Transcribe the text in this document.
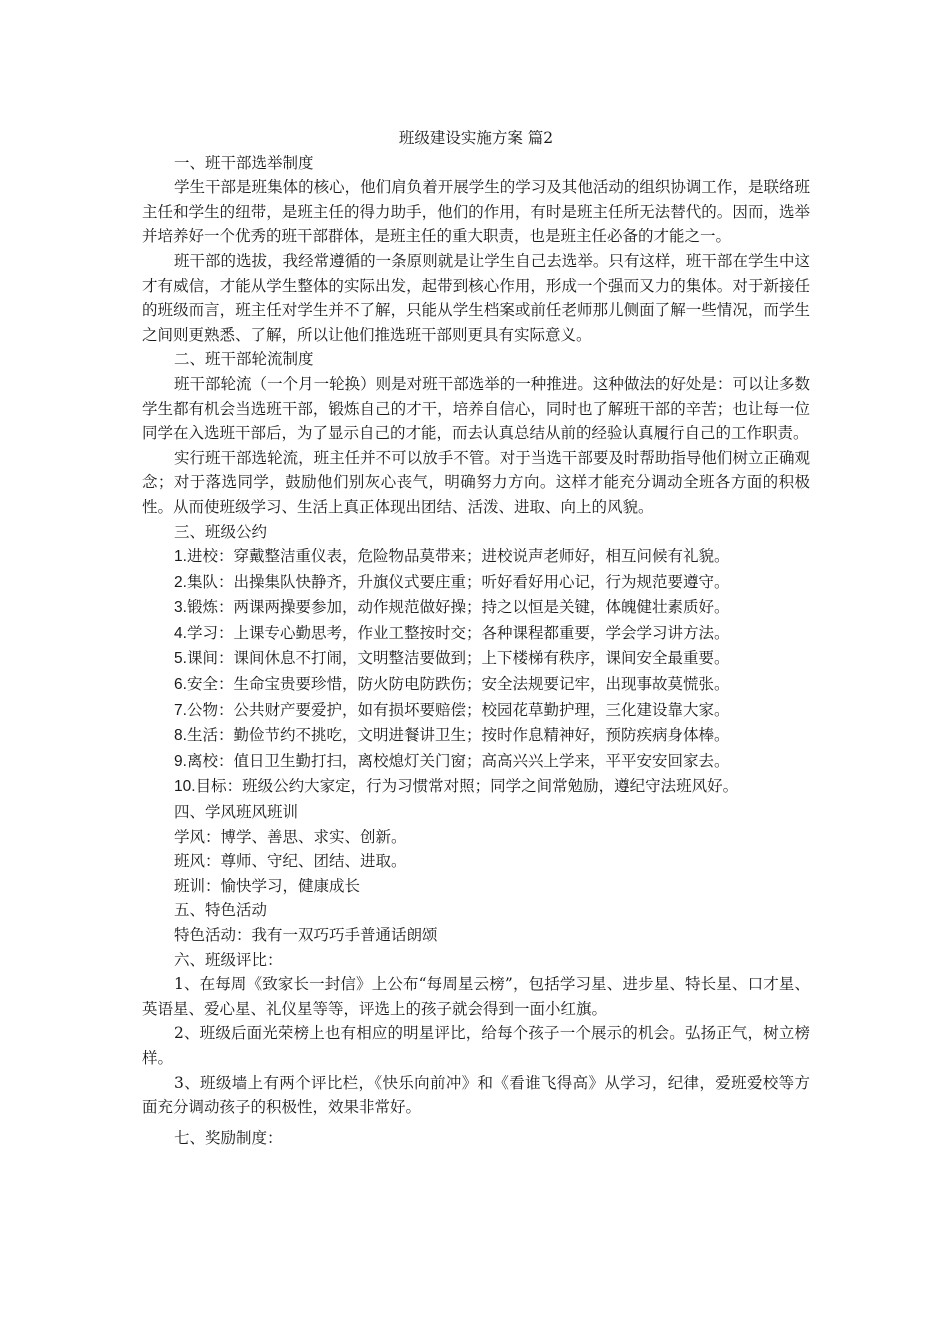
班级建设实施方案 篇2

一、班干部选举制度

学生干部是班集体的核心，他们肩负着开展学生的学习及其他活动的组织协调工作，是联络班主任和学生的纽带，是班主任的得力助手，他们的作用，有时是班主任所无法替代的。因而，选举并培养好一个优秀的班干部群体，是班主任的重大职责，也是班主任必备的才能之一。

班干部的选拔，我经常遵循的一条原则就是让学生自己去选举。只有这样，班干部在学生中这才有威信，才能从学生整体的实际出发，起带到核心作用，形成一个强而又力的集体。对于新接任的班级而言，班主任对学生并不了解，只能从学生档案或前任老师那儿侧面了解一些情况，而学生之间则更熟悉、了解，所以让他们推选班干部则更具有实际意义。

二、班干部轮流制度

班干部轮流（一个月一轮换）则是对班干部选举的一种推进。这种做法的好处是：可以让多数学生都有机会当选班干部，锻炼自己的才干，培养自信心，同时也了解班干部的辛苦；也让每一位同学在入选班干部后，为了显示自己的才能，而去认真总结从前的经验认真履行自己的工作职责。

实行班干部选轮流，班主任并不可以放手不管。对于当选干部要及时帮助指导他们树立正确观念；对于落选同学，鼓励他们别灰心丧气，明确努力方向。这样才能充分调动全班各方面的积极性。从而使班级学习、生活上真正体现出团结、活泼、进取、向上的风貌。

三、班级公约

1.进校：穿戴整洁重仪表，危险物品莫带来；进校说声老师好，相互问候有礼貌。

2.集队：出操集队快静齐，升旗仪式要庄重；听好看好用心记，行为规范要遵守。

3.锻炼：两课两操要参加，动作规范做好操；持之以恒是关键，体魄健壮素质好。

4.学习：上课专心勤思考，作业工整按时交；各种课程都重要，学会学习讲方法。

5.课间：课间休息不打闹，文明整洁要做到；上下楼梯有秩序，课间安全最重要。

6.安全：生命宝贵要珍惜，防火防电防跌伤；安全法规要记牢，出现事故莫慌张。

7.公物：公共财产要爱护，如有损坏要赔偿；校园花草勤护理，三化建设靠大家。

8.生活：勤俭节约不挑吃，文明进餐讲卫生；按时作息精神好，预防疾病身体棒。

9.离校：值日卫生勤打扫，离校熄灯关门窗；高高兴兴上学来，平平安安回家去。

10.目标：班级公约大家定，行为习惯常对照；同学之间常勉励，遵纪守法班风好。

四、学风班风班训

学风：博学、善思、求实、创新。

班风：尊师、守纪、团结、进取。

班训：愉快学习，健康成长

五、特色活动

特色活动：我有一双巧巧手普通话朗颂

六、班级评比：

1、在每周《致家长一封信》上公布“每周星云榜”，包括学习星、进步星、特长星、口才星、英语星、爱心星、礼仪星等等，评选上的孩子就会得到一面小红旗。

2、班级后面光荣榜上也有相应的明星评比，给每个孩子一个展示的机会。弘扬正气，树立榜样。

3、班级墙上有两个评比栏，《快乐向前冲》和《看谁飞得高》从学习，纪律，爱班爱校等方面充分调动孩子的积极性，效果非常好。

七、奖励制度：
